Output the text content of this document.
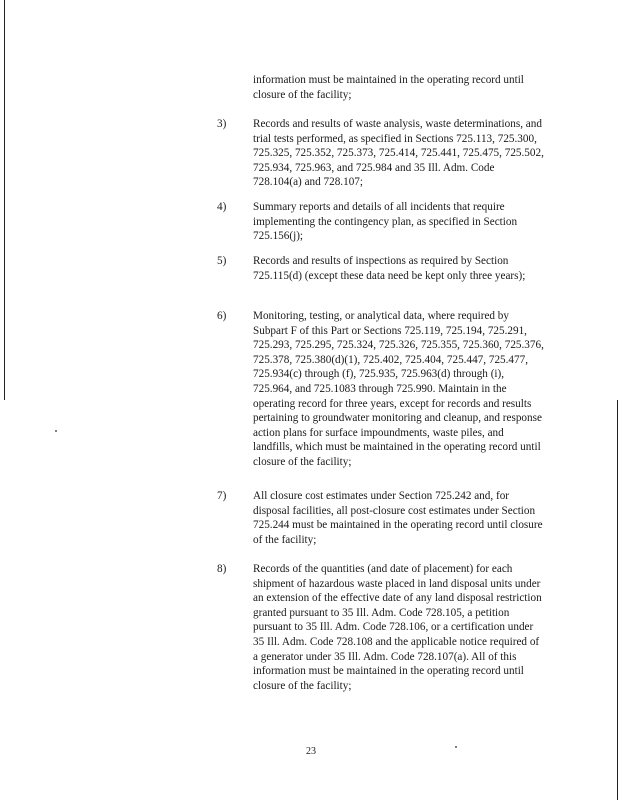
information must be maintained in the operating record until closure of the facility;
3) Records and results of waste analysis, waste determinations, and trial tests performed, as specified in Sections 725.113, 725.300, 725.325, 725.352, 725.373, 725.414, 725.441, 725.475, 725.502, 725.934, 725.963, and 725.984 and 35 Ill. Adm. Code 728.104(a) and 728.107;
4) Summary reports and details of all incidents that require implementing the contingency plan, as specified in Section 725.156(j);
5) Records and results of inspections as required by Section 725.115(d) (except these data need be kept only three years);
6) Monitoring, testing, or analytical data, where required by Subpart F of this Part or Sections 725.119, 725.194, 725.291, 725.293, 725.295, 725.324, 725.326, 725.355, 725.360, 725.376, 725.378, 725.380(d)(1), 725.402, 725.404, 725.447, 725.477, 725.934(c) through (f), 725.935, 725.963(d) through (i), 725.964, and 725.1083 through 725.990. Maintain in the operating record for three years, except for records and results pertaining to groundwater monitoring and cleanup, and response action plans for surface impoundments, waste piles, and landfills, which must be maintained in the operating record until closure of the facility;
7) All closure cost estimates under Section 725.242 and, for disposal facilities, all post-closure cost estimates under Section 725.244 must be maintained in the operating record until closure of the facility;
8) Records of the quantities (and date of placement) for each shipment of hazardous waste placed in land disposal units under an extension of the effective date of any land disposal restriction granted pursuant to 35 Ill. Adm. Code 728.105, a petition pursuant to 35 Ill. Adm. Code 728.106, or a certification under 35 Ill. Adm. Code 728.108 and the applicable notice required of a generator under 35 Ill. Adm. Code 728.107(a). All of this information must be maintained in the operating record until closure of the facility;
23
